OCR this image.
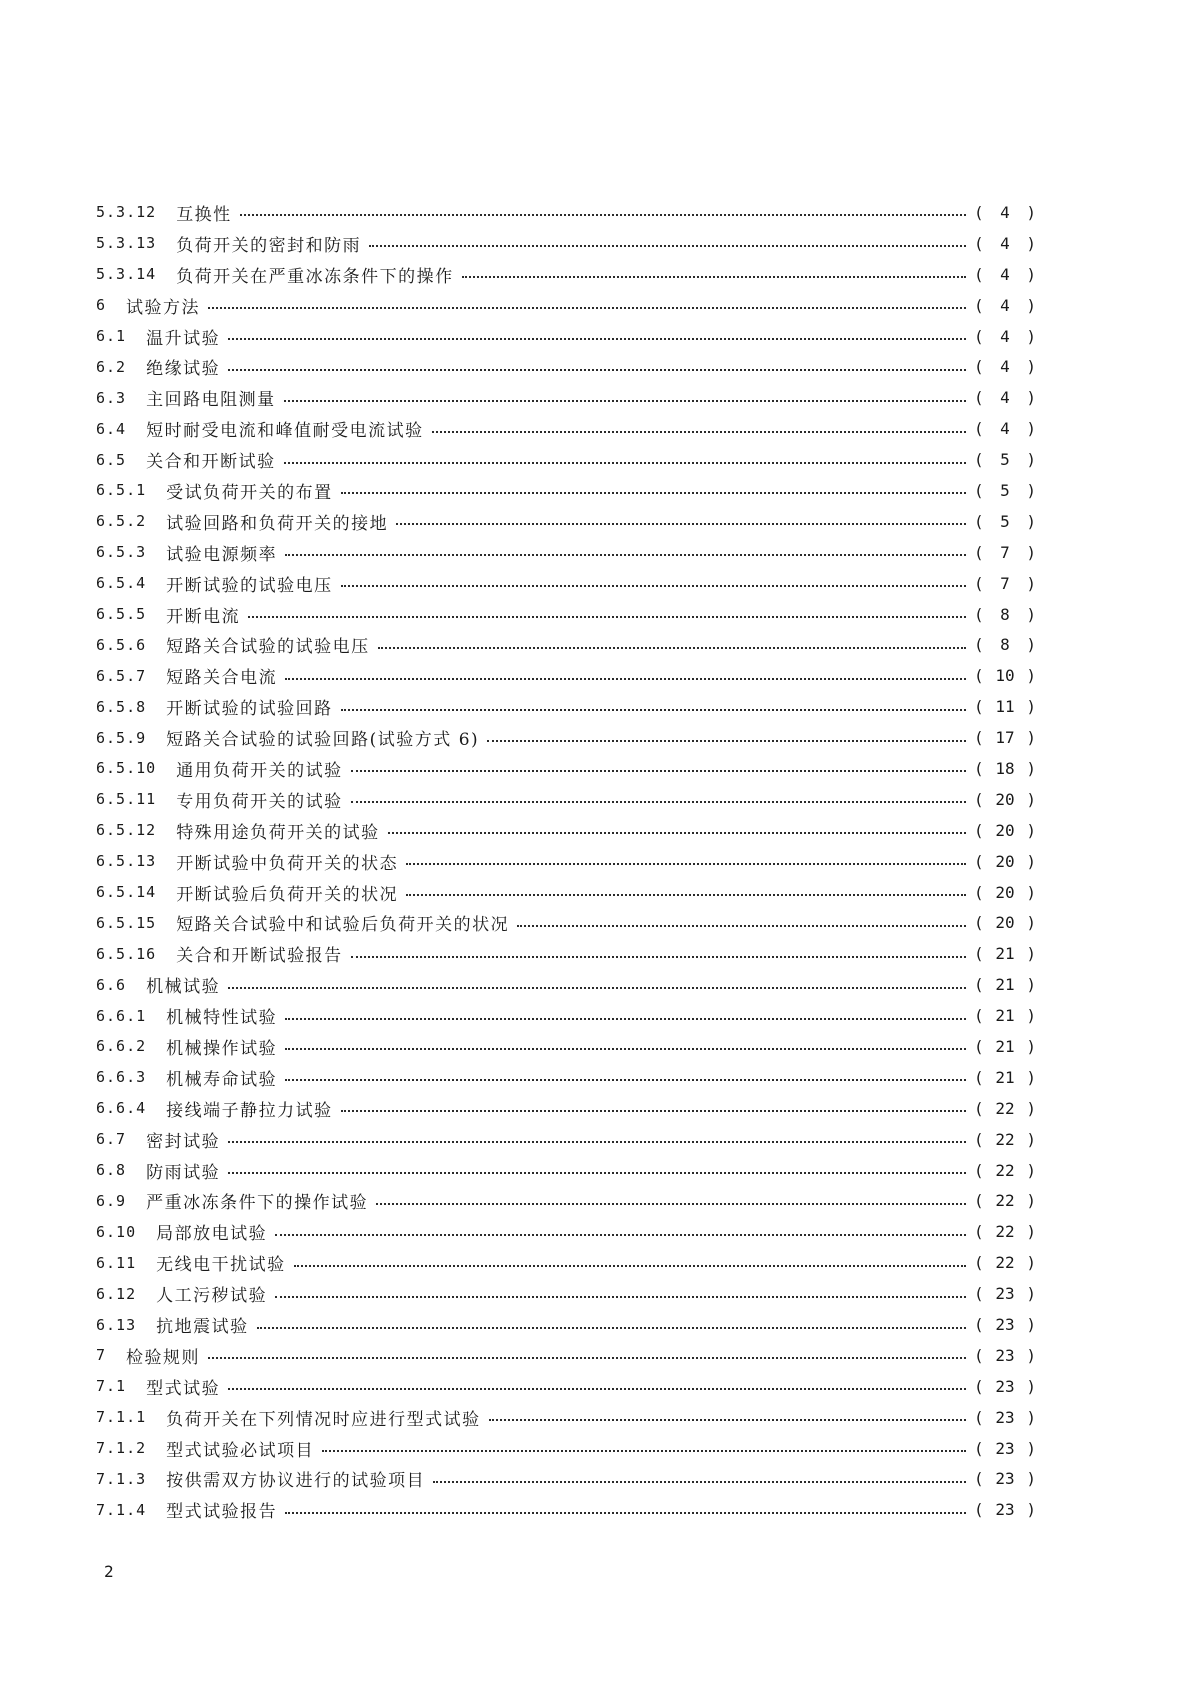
5.3.12 互换性	(	4	)
5.3.13 负荷开关的密封和防雨	(	4	)
5.3.14 负荷开关在严重冰冻条件下的操作	(	4	)
6 试验方法	(	4	)
6.1 温升试验	(	4	)
6.2 绝缘试验	(	4	)
6.3 主回路电阻测量	(	4	)
6.4 短时耐受电流和峰值耐受电流试验	(	4	)
6.5 关合和开断试验	(	5	)
6.5.1 受试负荷开关的布置	(	5	)
6.5.2 试验回路和负荷开关的接地	(	5	)
6.5.3 试验电源频率	(	7	)
6.5.4 开断试验的试验电压	(	7	)
6.5.5 开断电流	(	8	)
6.5.6 短路关合试验的试验电压	(	8	)
6.5.7 短路关合电流	( 10 )
6.5.8 开断试验的试验回路	( 11 )
6.5.9 短路关合试验的试验回路(试验方式 6)	( 17 )
6.5.10 通用负荷开关的试验	( 18 )
6.5.11 专用负荷开关的试验	( 20 )
6.5.12 特殊用途负荷开关的试验	( 20 )
6.5.13 开断试验中负荷开关的状态	( 20 )
6.5.14 开断试验后负荷开关的状况	( 20 )
6.5.15 短路关合试验中和试验后负荷开关的状况	( 20 )
6.5.16 关合和开断试验报告	( 21 )
6.6 机械试验	( 21 )
6.6.1 机械特性试验	( 21 )
6.6.2 机械操作试验	( 21 )
6.6.3 机械寿命试验	( 21 )
6.6.4 接线端子静拉力试验	( 22 )
6.7 密封试验	( 22 )
6.8 防雨试验	( 22 )
6.9 严重冰冻条件下的操作试验	( 22 )
6.10 局部放电试验	( 22 )
6.11 无线电干扰试验	( 22 )
6.12 人工污秽试验	( 23 )
6.13 抗地震试验	( 23 )
7 检验规则	( 23 )
7.1 型式试验	( 23 )
7.1.1 负荷开关在下列情况时应进行型式试验	( 23 )
7.1.2 型式试验必试项目	( 23 )
7.1.3 按供需双方协议进行的试验项目	( 23 )
7.1.4 型式试验报告	( 23 )
2
